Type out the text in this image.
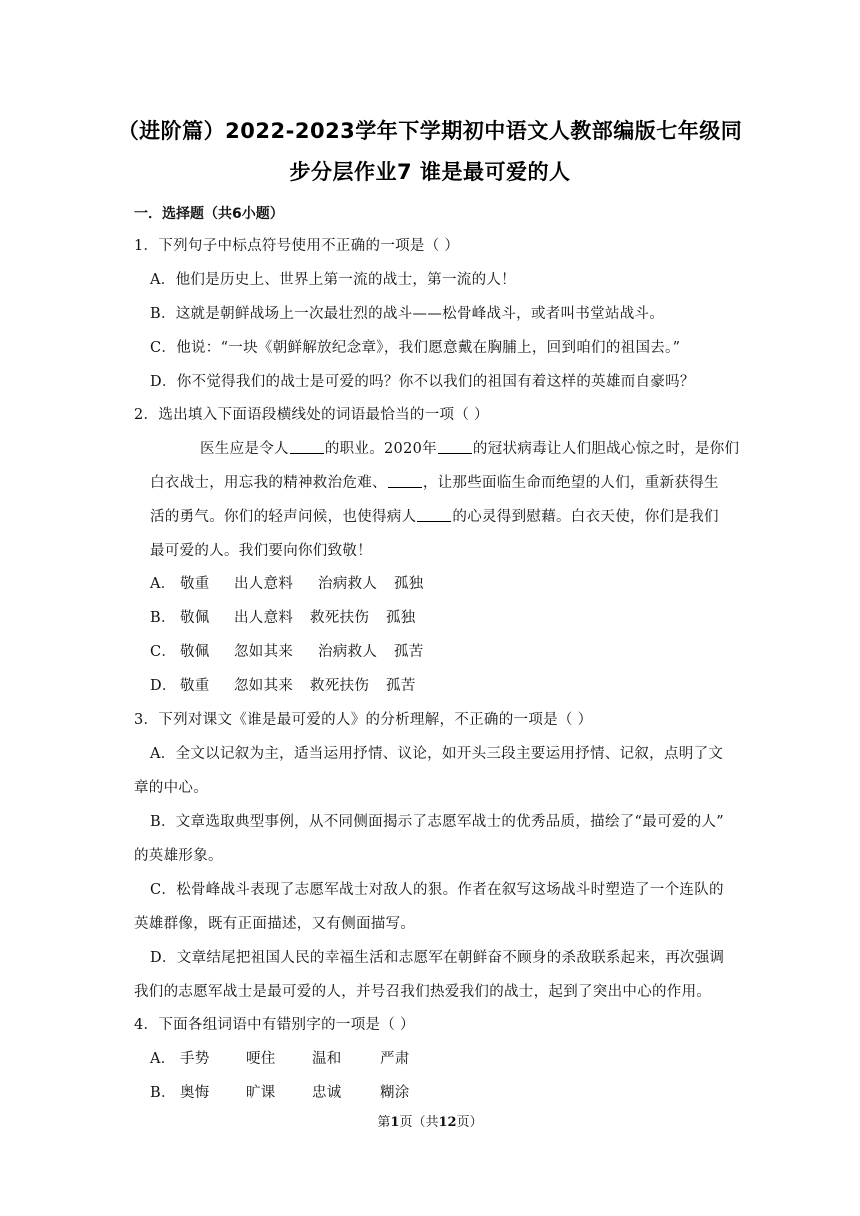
（进阶篇）2022-2023学年下学期初中语文人教部编版七年级同
步分层作业7 谁是最可爱的人
一．选择题（共6小题）
1．下列句子中标点符号使用不正确的一项是（ ）
A．他们是历史上、世界上第一流的战士，第一流的人！
B．这就是朝鲜战场上一次最壮烈的战斗——松骨峰战斗，或者叫书堂站战斗。
C．他说：“一块《朝鲜解放纪念章》，我们愿意戴在胸脯上，回到咱们的祖国去。”
D．你不觉得我们的战士是可爱的吗？你不以我们的祖国有着这样的英雄而自豪吗？
2．选出填入下面语段横线处的词语最恰当的一项（ ）
医生应是令人 的职业。2020年 的冠状病毒让人们胆战心惊之时，是你们
白衣战士，用忘我的精神救治危难、 ，让那些面临生命而绝望的人们，重新获得生
活的勇气。你们的轻声问候，也使得病人 的心灵得到慰藉。白衣天使，你们是我们
最可爱的人。我们要向你们致敬！
A． 敬重 出人意料 治病救人 孤独
B． 敬佩 出人意料 救死扶伤 孤独
C． 敬佩 忽如其来 治病救人 孤苦
D． 敬重 忽如其来 救死扶伤 孤苦
3．下列对课文《谁是最可爱的人》的分析理解，不正确的一项是（ ）
A．全文以记叙为主，适当运用抒情、议论，如开头三段主要运用抒情、记叙，点明了文
章的中心。
B．文章选取典型事例，从不同侧面揭示了志愿军战士的优秀品质，描绘了“最可爱的人”
的英雄形象。
C．松骨峰战斗表现了志愿军战士对敌人的狠。作者在叙写这场战斗时塑造了一个连队的
英雄群像，既有正面描述，又有侧面描写。
D．文章结尾把祖国人民的幸福生活和志愿军在朝鲜奋不顾身的杀敌联系起来，再次强调
我们的志愿军战士是最可爱的人，并号召我们热爱我们的战士，起到了突出中心的作用。
4．下面各组词语中有错别字的一项是（ ）
A． 手势	哽住	温和	严肃
B． 奥悔	旷课	忠诚	糊涂
第1页（共12页）
